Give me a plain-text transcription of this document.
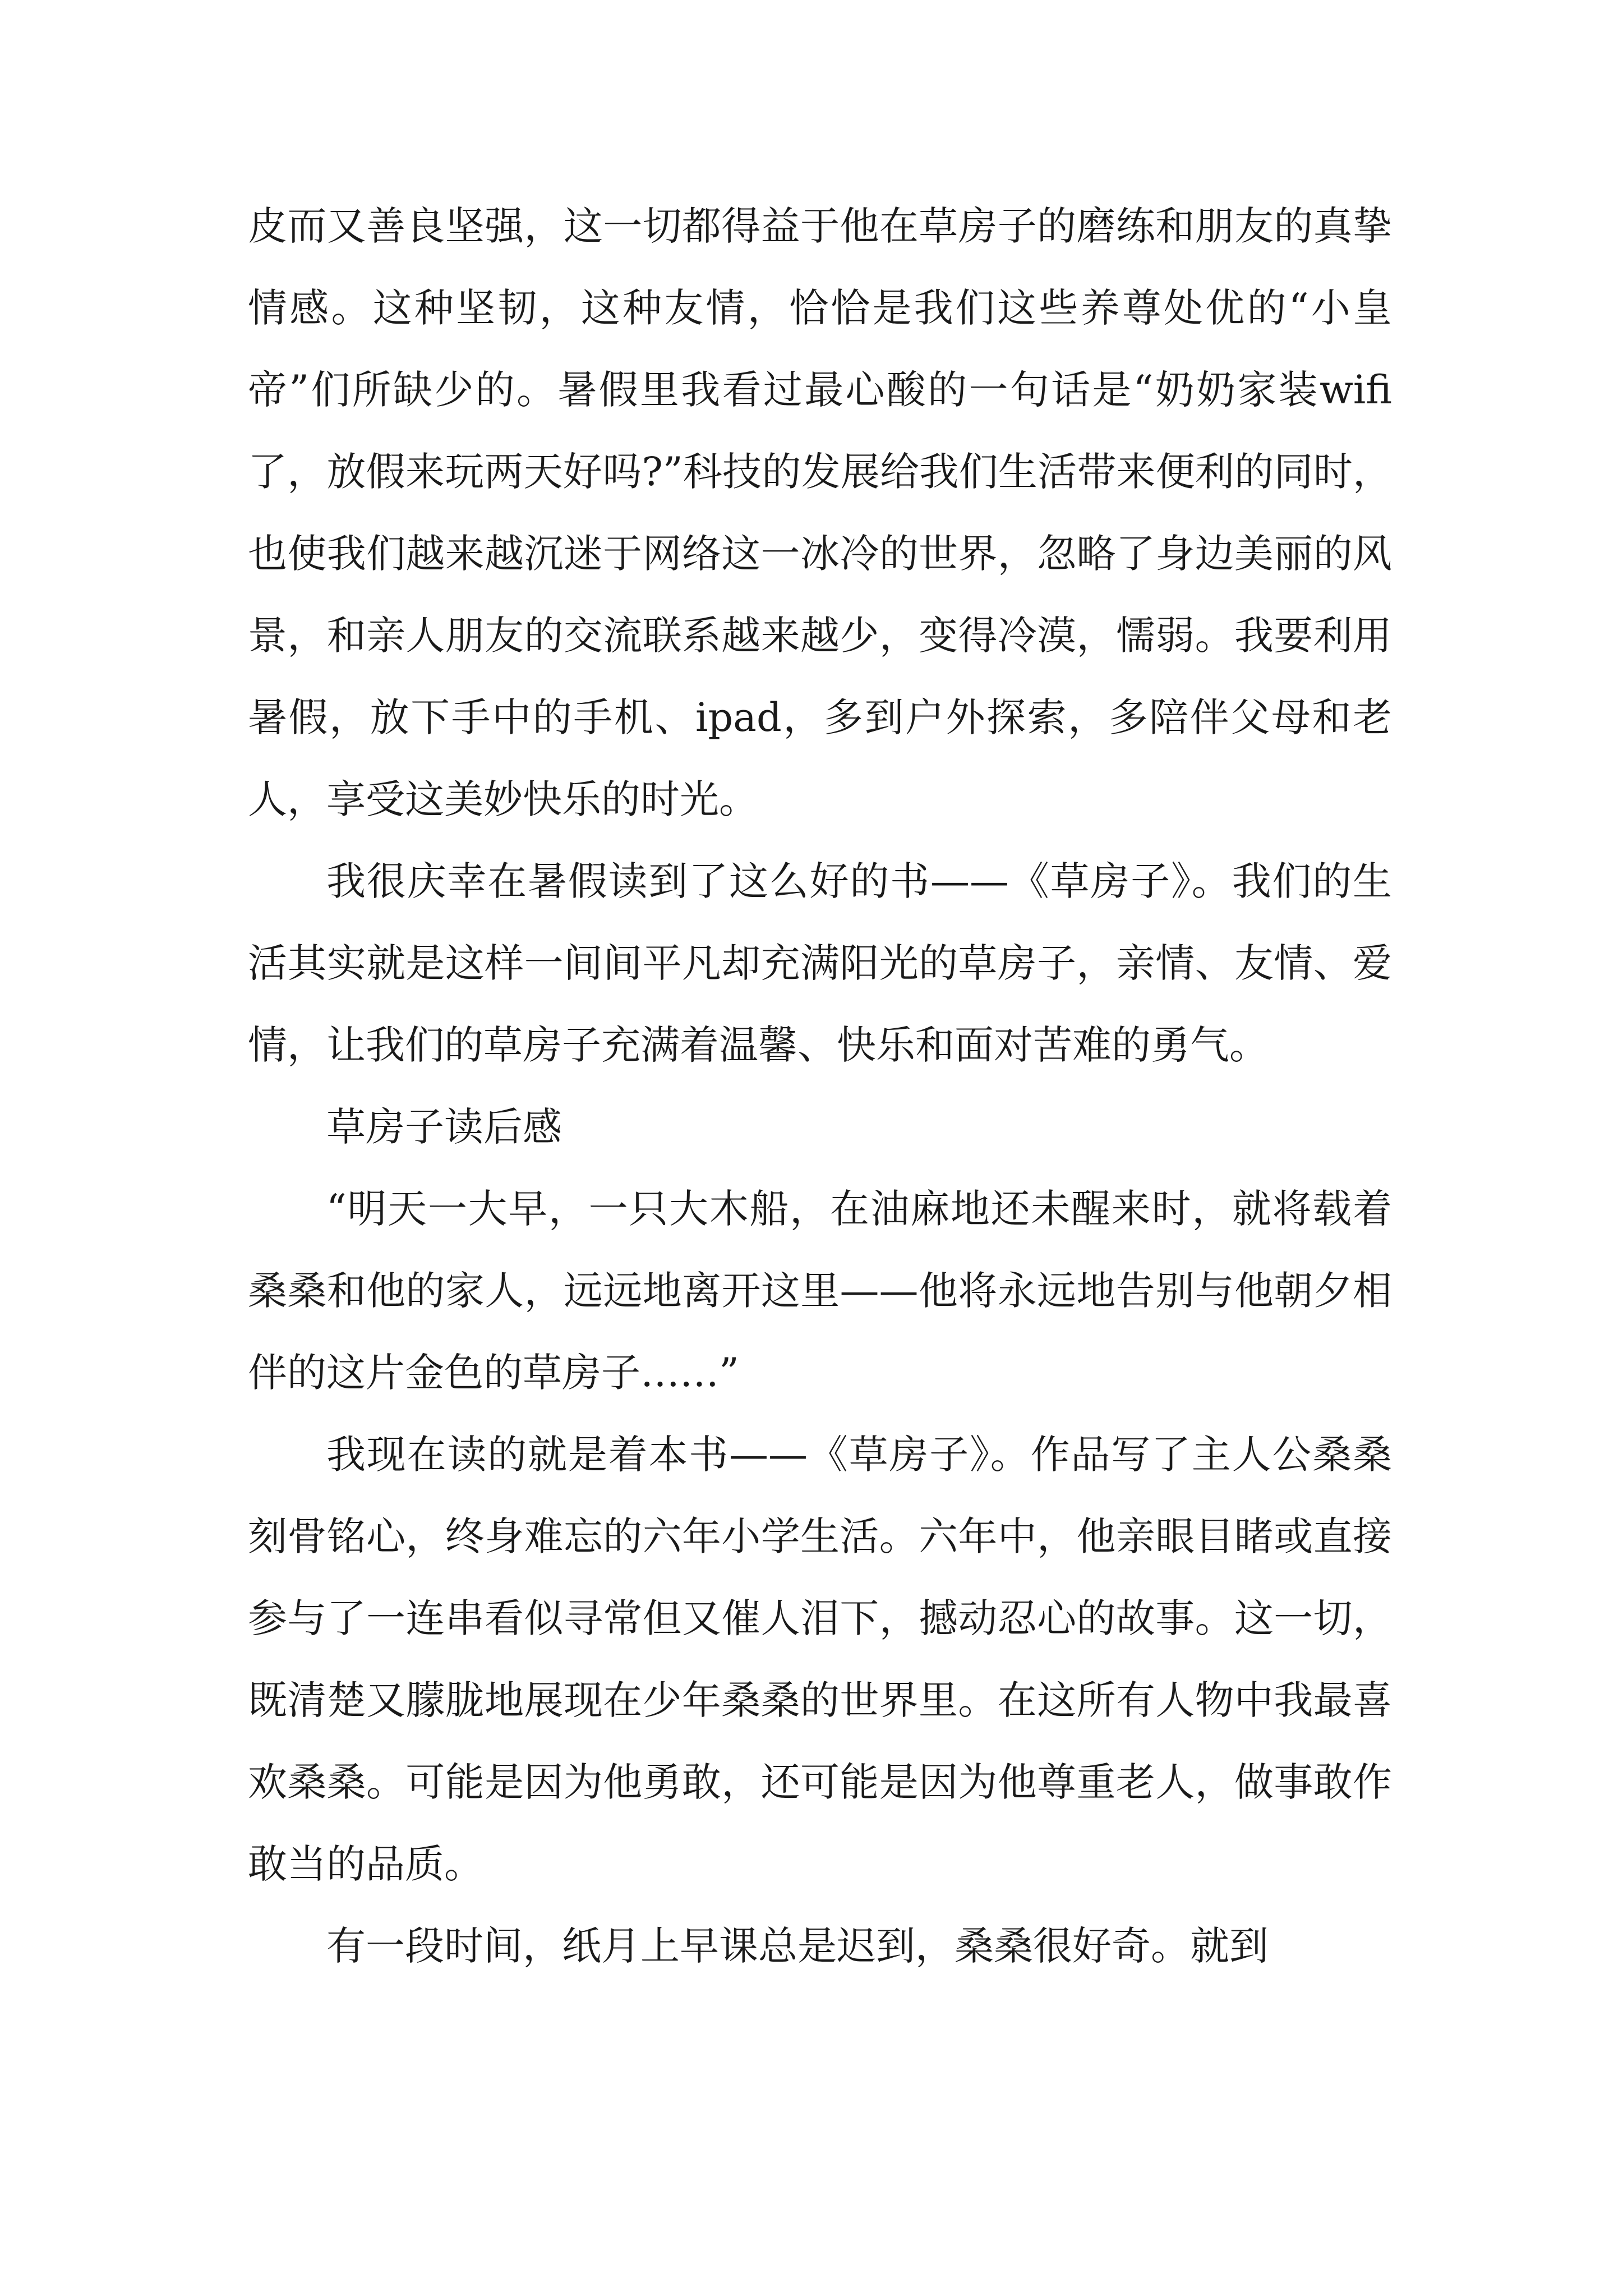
皮而又善良坚强，这一切都得益于他在草房子的磨练和朋友的真挚情感。这种坚韧，这种友情，恰恰是我们这些养尊处优的“小皇帝”们所缺少的。暑假里我看过最心酸的一句话是“奶奶家装wifi了，放假来玩两天好吗?”科技的发展给我们生活带来便利的同时，也使我们越来越沉迷于网络这一冰冷的世界，忽略了身边美丽的风景，和亲人朋友的交流联系越来越少，变得冷漠，懦弱。我要利用暑假，放下手中的手机、ipad，多到户外探索，多陪伴父母和老人，享受这美妙快乐的时光。

我很庆幸在暑假读到了这么好的书——《草房子》。我们的生活其实就是这样一间间平凡却充满阳光的草房子，亲情、友情、爱情，让我们的草房子充满着温馨、快乐和面对苦难的勇气。

草房子读后感

“明天一大早，一只大木船，在油麻地还未醒来时，就将载着桑桑和他的家人，远远地离开这里——他将永远地告别与他朝夕相伴的这片金色的草房子……”

我现在读的就是着本书——《草房子》。作品写了主人公桑桑刻骨铭心，终身难忘的六年小学生活。六年中，他亲眼目睹或直接参与了一连串看似寻常但又催人泪下，撼动忍心的故事。这一切，既清楚又朦胧地展现在少年桑桑的世界里。在这所有人物中我最喜欢桑桑。可能是因为他勇敢，还可能是因为他尊重老人，做事敢作敢当的品质。

有一段时间，纸月上早课总是迟到，桑桑很好奇。就到
